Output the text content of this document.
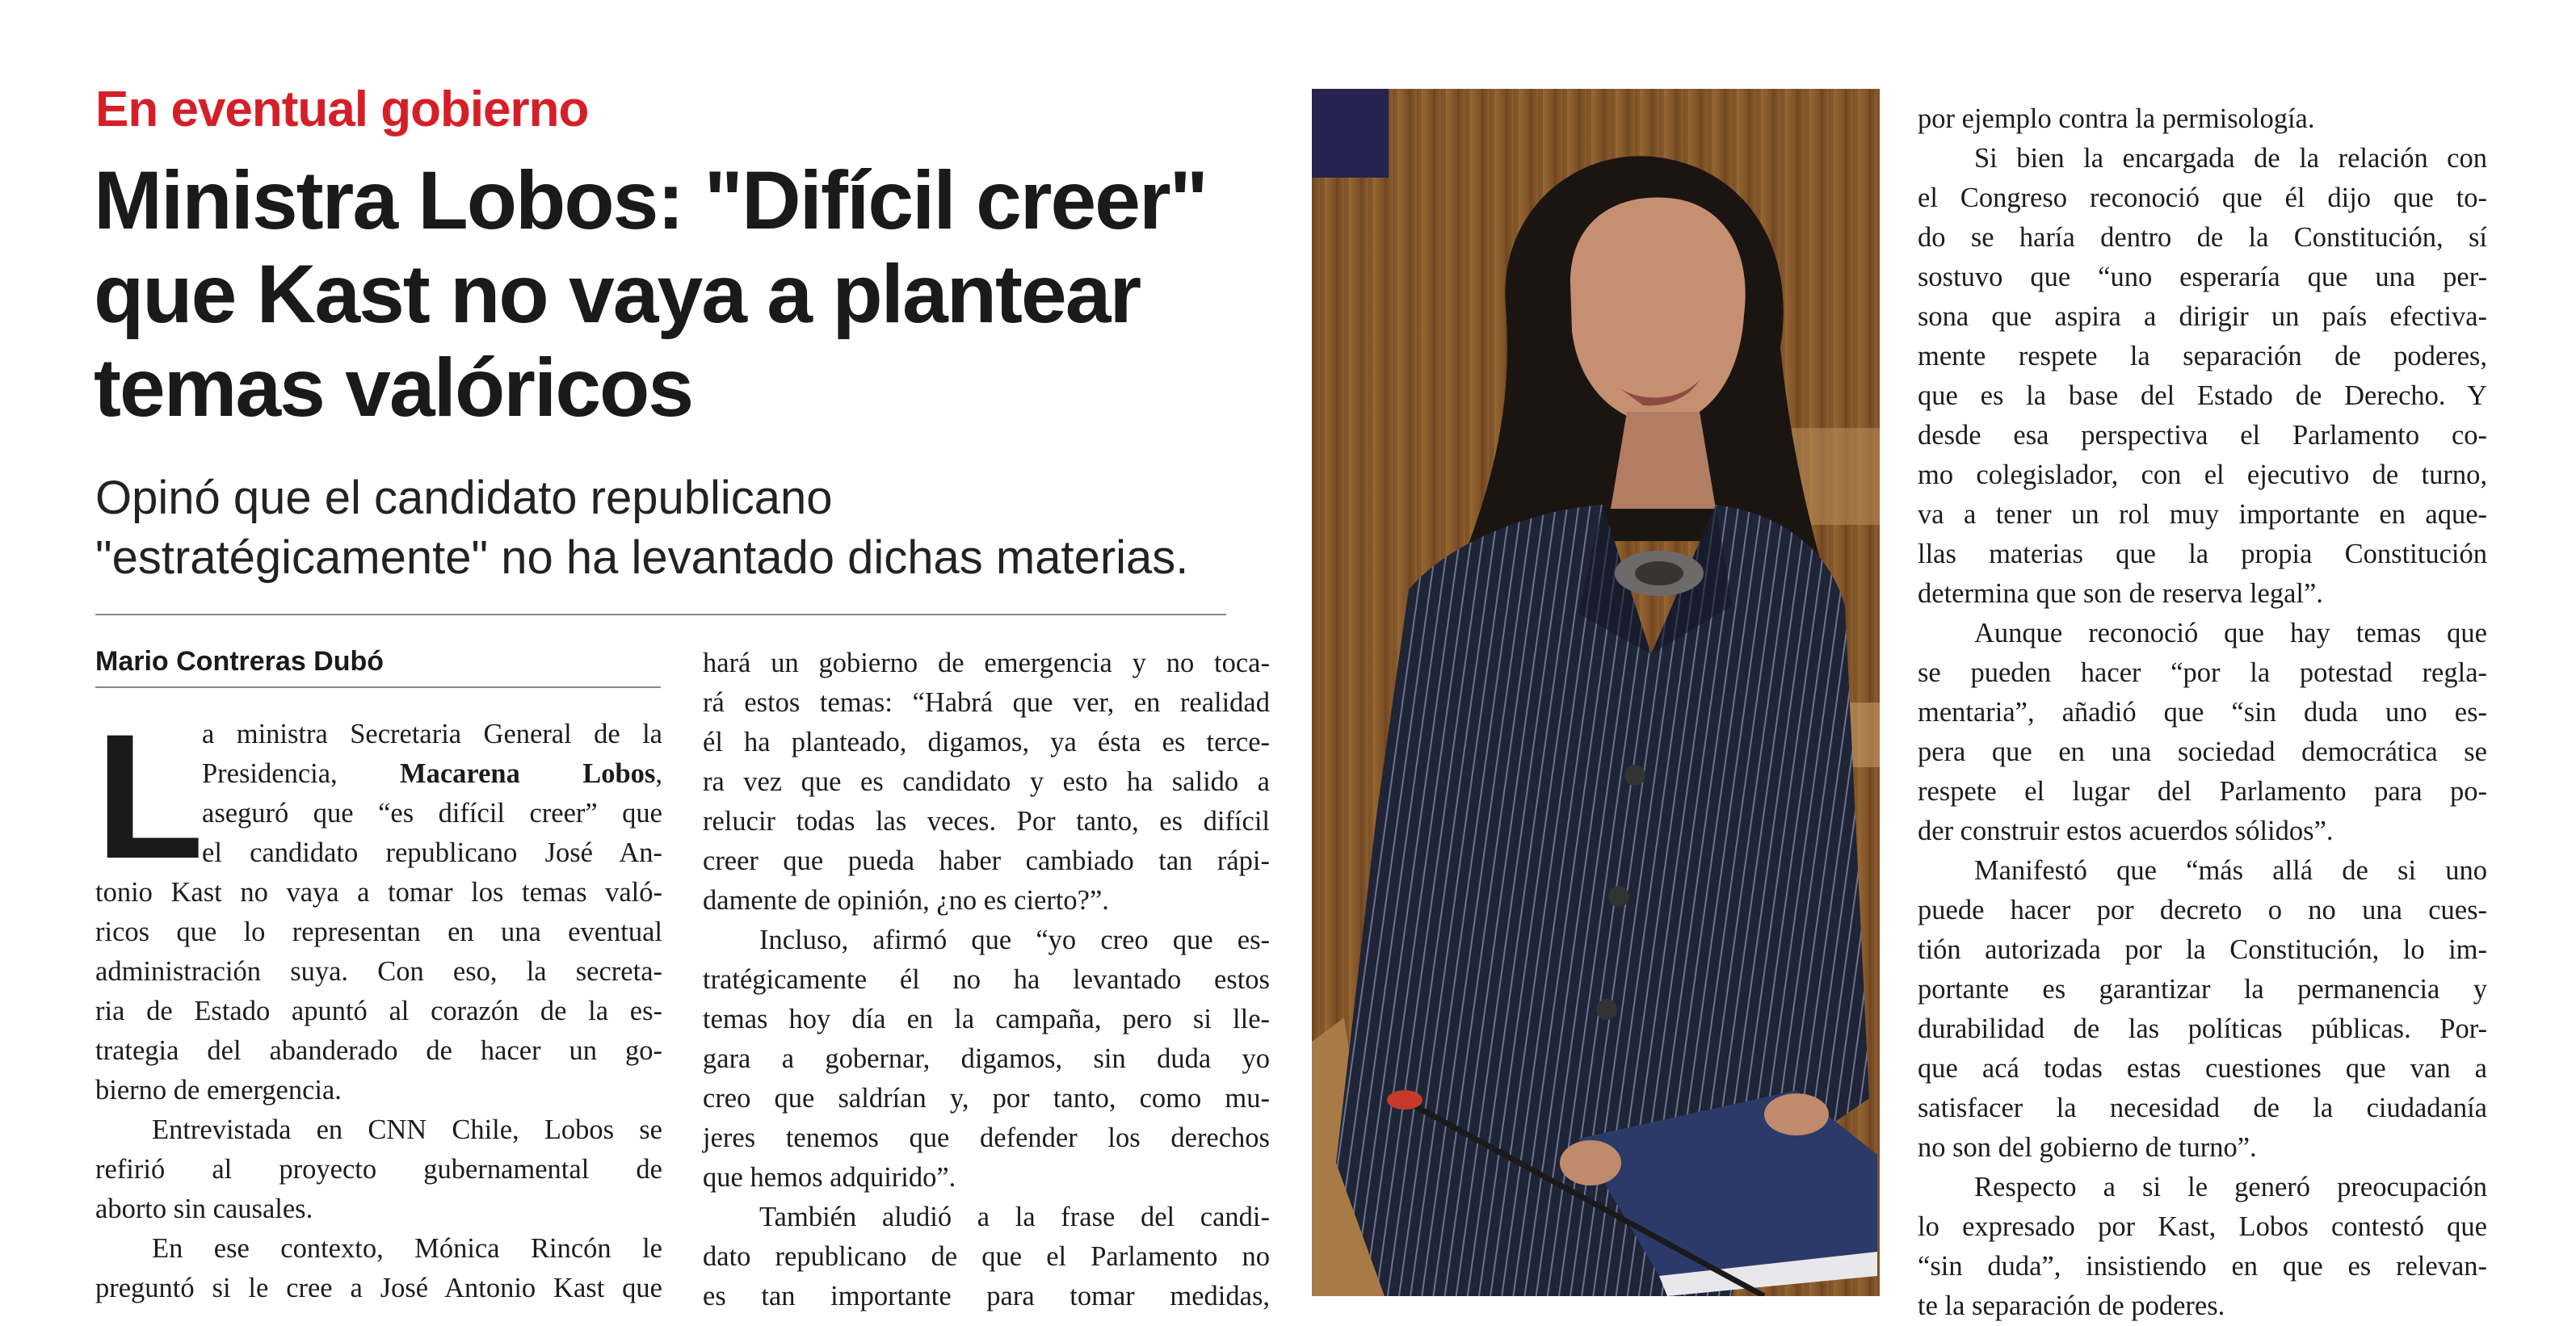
En eventual gobierno
Ministra Lobos: "Difícil creer"
que Kast no vaya a plantear
temas valóricos
Opinó que el candidato republicano
"estratégicamente" no ha levantado dichas materias.
Mario Contreras Dubó
L
a ministra Secretaria General de la
Presidencia, Macarena Lobos,
aseguró que “es difícil creer” que
el candidato republicano José An-
tonio Kast no vaya a tomar los temas való-
ricos que lo representan en una eventual
administración suya. Con eso, la secreta-
ria de Estado apuntó al corazón de la es-
trategia del abanderado de hacer un go-
bierno de emergencia.
Entrevistada en CNN Chile, Lobos se
refirió al proyecto gubernamental de
aborto sin causales.
En ese contexto, Mónica Rincón le
preguntó si le cree a José Antonio Kast que
hará un gobierno de emergencia y no toca-
rá estos temas: “Habrá que ver, en realidad
él ha planteado, digamos, ya ésta es terce-
ra vez que es candidato y esto ha salido a
relucir todas las veces. Por tanto, es difícil
creer que pueda haber cambiado tan rápi-
damente de opinión, ¿no es cierto?”.
Incluso, afirmó que “yo creo que es-
tratégicamente él no ha levantado estos
temas hoy día en la campaña, pero si lle-
gara a gobernar, digamos, sin duda yo
creo que saldrían y, por tanto, como mu-
jeres tenemos que defender los derechos
que hemos adquirido”.
También aludió a la frase del candi-
dato republicano de que el Parlamento no
es tan importante para tomar medidas,
por ejemplo contra la permisología.
Si bien la encargada de la relación con
el Congreso reconoció que él dijo que to-
do se haría dentro de la Constitución, sí
sostuvo que “uno esperaría que una per-
sona que aspira a dirigir un país efectiva-
mente respete la separación de poderes,
que es la base del Estado de Derecho. Y
desde esa perspectiva el Parlamento co-
mo colegislador, con el ejecutivo de turno,
va a tener un rol muy importante en aque-
llas materias que la propia Constitución
determina que son de reserva legal”.
Aunque reconoció que hay temas que
se pueden hacer “por la potestad regla-
mentaria”, añadió que “sin duda uno es-
pera que en una sociedad democrática se
respete el lugar del Parlamento para po-
der construir estos acuerdos sólidos”.
Manifestó que “más allá de si uno
puede hacer por decreto o no una cues-
tión autorizada por la Constitución, lo im-
portante es garantizar la permanencia y
durabilidad de las políticas públicas. Por-
que acá todas estas cuestiones que van a
satisfacer la necesidad de la ciudadanía
no son del gobierno de turno”.
Respecto a si le generó preocupación
lo expresado por Kast, Lobos contestó que
“sin duda”, insistiendo en que es relevan-
te la separación de poderes.
